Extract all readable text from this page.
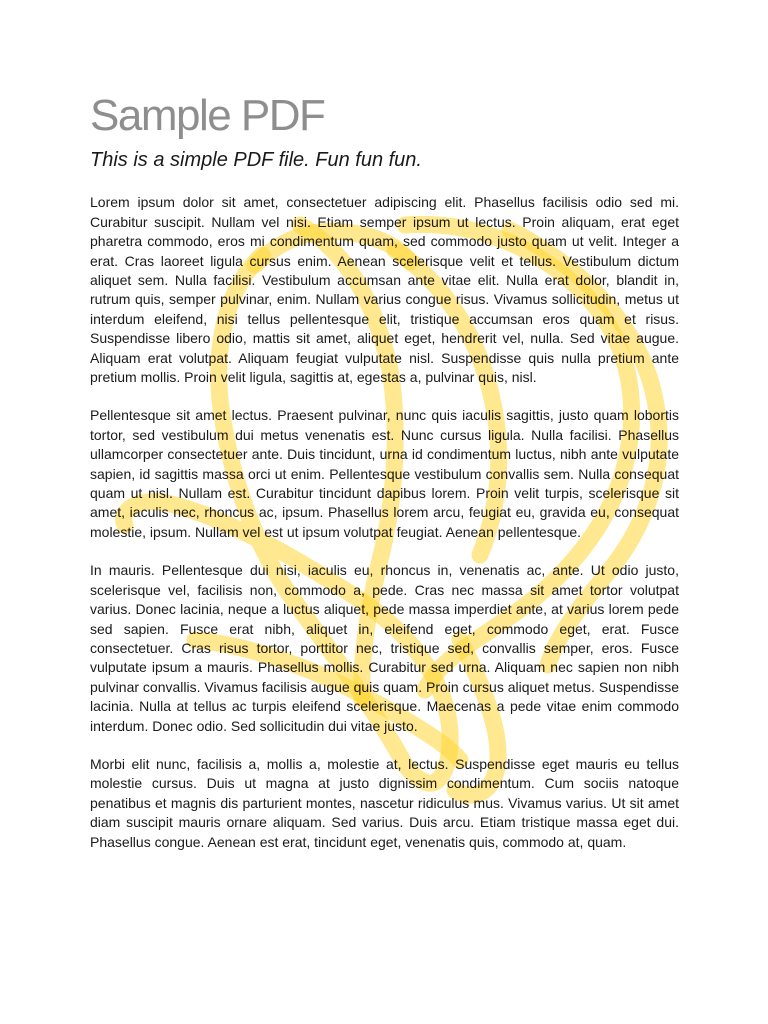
Sample PDF

This is a simple PDF file. Fun fun fun.

Lorem ipsum dolor sit amet, consectetuer adipiscing elit. Phasellus facilisis odio sed mi. Curabitur suscipit. Nullam vel nisi. Etiam semper ipsum ut lectus. Proin aliquam, erat eget pharetra commodo, eros mi condimentum quam, sed commodo justo quam ut velit. Integer a erat. Cras laoreet ligula cursus enim. Aenean scelerisque velit et tellus. Vestibulum dictum aliquet sem. Nulla facilisi. Vestibulum accumsan ante vitae elit. Nulla erat dolor, blandit in, rutrum quis, semper pulvinar, enim. Nullam varius congue risus. Vivamus sollicitudin, metus ut interdum eleifend, nisi tellus pellentesque elit, tristique accumsan eros quam et risus. Suspendisse libero odio, mattis sit amet, aliquet eget, hendrerit vel, nulla. Sed vitae augue. Aliquam erat volutpat. Aliquam feugiat vulputate nisl. Suspendisse quis nulla pretium ante pretium mollis. Proin velit ligula, sagittis at, egestas a, pulvinar quis, nisl.

Pellentesque sit amet lectus. Praesent pulvinar, nunc quis iaculis sagittis, justo quam lobortis tortor, sed vestibulum dui metus venenatis est. Nunc cursus ligula. Nulla facilisi. Phasellus ullamcorper consectetuer ante. Duis tincidunt, urna id condimentum luctus, nibh ante vulputate sapien, id sagittis massa orci ut enim. Pellentesque vestibulum convallis sem. Nulla consequat quam ut nisl. Nullam est. Curabitur tincidunt dapibus lorem. Proin velit turpis, scelerisque sit amet, iaculis nec, rhoncus ac, ipsum. Phasellus lorem arcu, feugiat eu, gravida eu, consequat molestie, ipsum. Nullam vel est ut ipsum volutpat feugiat. Aenean pellentesque.

In mauris. Pellentesque dui nisi, iaculis eu, rhoncus in, venenatis ac, ante. Ut odio justo, scelerisque vel, facilisis non, commodo a, pede. Cras nec massa sit amet tortor volutpat varius. Donec lacinia, neque a luctus aliquet, pede massa imperdiet ante, at varius lorem pede sed sapien. Fusce erat nibh, aliquet in, eleifend eget, commodo eget, erat. Fusce consectetuer. Cras risus tortor, porttitor nec, tristique sed, convallis semper, eros. Fusce vulputate ipsum a mauris. Phasellus mollis. Curabitur sed urna. Aliquam nec sapien non nibh pulvinar convallis. Vivamus facilisis augue quis quam. Proin cursus aliquet metus. Suspendisse lacinia. Nulla at tellus ac turpis eleifend scelerisque. Maecenas a pede vitae enim commodo interdum. Donec odio. Sed sollicitudin dui vitae justo.

Morbi elit nunc, facilisis a, mollis a, molestie at, lectus. Suspendisse eget mauris eu tellus molestie cursus. Duis ut magna at justo dignissim condimentum. Cum sociis natoque penatibus et magnis dis parturient montes, nascetur ridiculus mus. Vivamus varius. Ut sit amet diam suscipit mauris ornare aliquam. Sed varius. Duis arcu. Etiam tristique massa eget dui. Phasellus congue. Aenean est erat, tincidunt eget, venenatis quis, commodo at, quam.
